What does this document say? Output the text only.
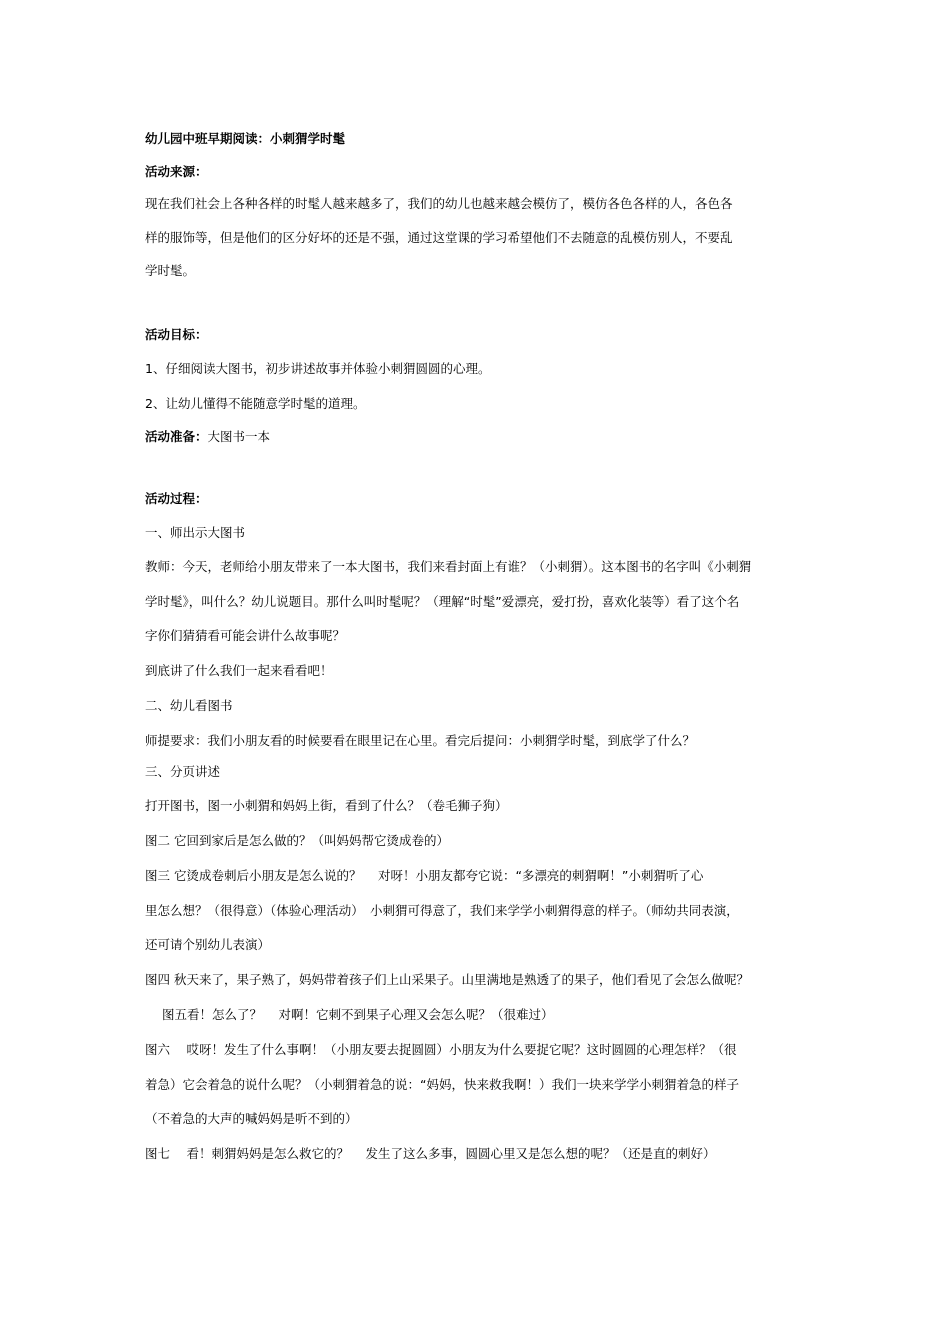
幼儿园中班早期阅读：小刺猬学时髦
活动来源：
现在我们社会上各种各样的时髦人越来越多了，我们的幼儿也越来越会模仿了，模仿各色各样的人，各色各
样的服饰等，但是他们的区分好坏的还是不强，通过这堂课的学习希望他们不去随意的乱模仿别人，不要乱
学时髦。
活动目标：
1、仔细阅读大图书，初步讲述故事并体验小刺猬圆圆的心理。
2、让幼儿懂得不能随意学时髦的道理。
活动准备：大图书一本
活动过程：
一、师出示大图书
教师：今天，老师给小朋友带来了一本大图书，我们来看封面上有谁？（小刺猬）。这本图书的名字叫《小刺猬
学时髦》，叫什么？幼儿说题目。那什么叫时髦呢？（理解“时髦”爱漂亮，爱打扮，喜欢化装等）看了这个名
字你们猜猜看可能会讲什么故事呢？
到底讲了什么我们一起来看看吧！
二、幼儿看图书
师提要求：我们小朋友看的时候要看在眼里记在心里。看完后提问：小刺猬学时髦，到底学了什么？
三、分页讲述
打开图书，图一小刺猬和妈妈上街，看到了什么？（卷毛狮子狗）
图二 它回到家后是怎么做的？（叫妈妈帮它烫成卷的）
图三 它烫成卷刺后小朋友是怎么说的？　 对呀！小朋友都夸它说：“多漂亮的刺猬啊！”小刺猬听了心
里怎么想？（很得意）（体验心理活动）　小刺猬可得意了，我们来学学小刺猬得意的样子。（师幼共同表演，
还可请个别幼儿表演）
图四 秋天来了，果子熟了，妈妈带着孩子们上山采果子。山里满地是熟透了的果子，他们看见了会怎么做呢？
图五看！怎么了？　 对啊！它刺不到果子心理又会怎么呢？（很难过）
图六　 哎呀！发生了什么事啊！（小朋友要去捉圆圆）小朋友为什么要捉它呢？这时圆圆的心理怎样？（很
着急）它会着急的说什么呢？（小刺猬着急的说：“妈妈，快来救我啊！）我们一块来学学小刺猬着急的样子
（不着急的大声的喊妈妈是听不到的）
图七　 看！刺猬妈妈是怎么救它的？　 发生了这么多事，圆圆心里又是怎么想的呢？（还是直的刺好）
